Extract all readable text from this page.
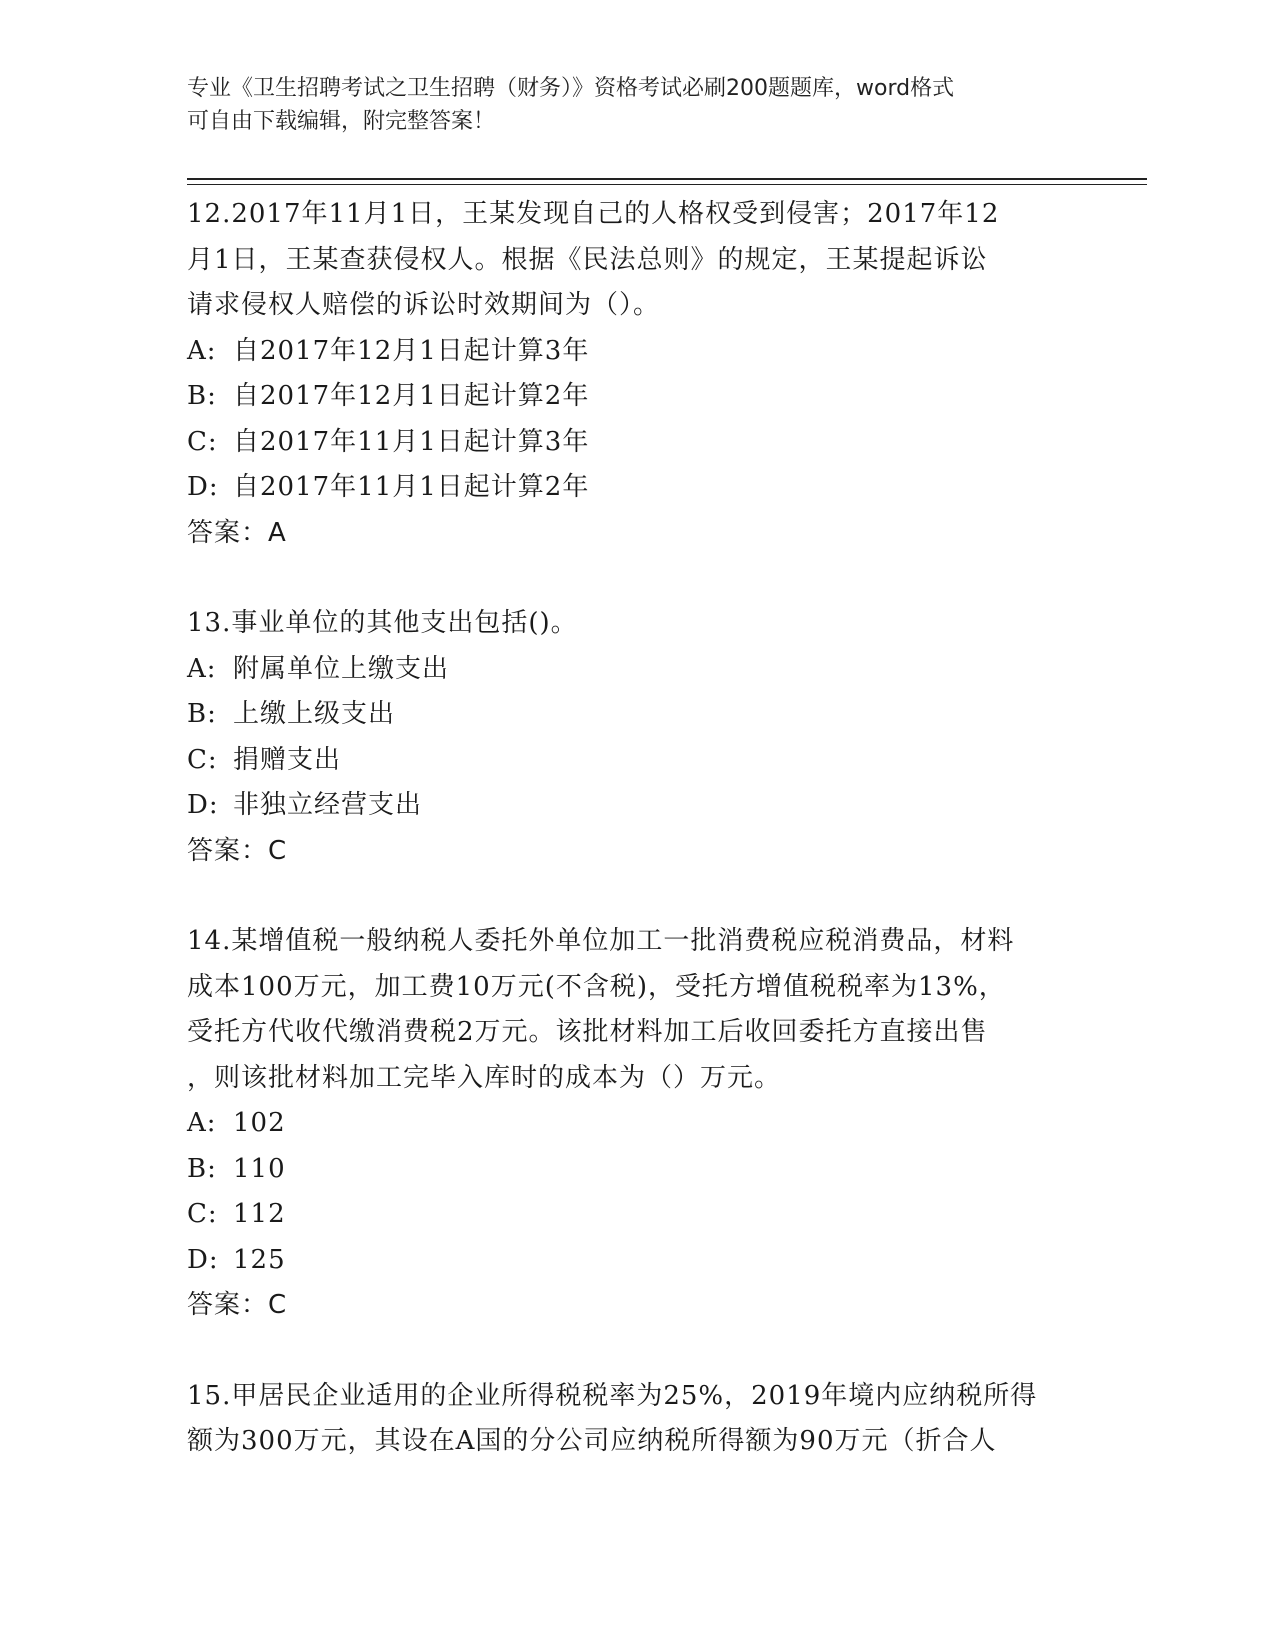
专业《卫生招聘考试之卫生招聘（财务）》资格考试必刷200题题库，word格式
可自由下载编辑，附完整答案！
12.2017年11月1日，王某发现自己的人格权受到侵害；2017年12
月1日，王某查获侵权人。根据《民法总则》的规定，王某提起诉讼
请求侵权人赔偿的诉讼时效期间为（）。
A: 自2017年12月1日起计算3年
B: 自2017年12月1日起计算2年
C: 自2017年11月1日起计算3年
D: 自2017年11月1日起计算2年
答案：A
13.事业单位的其他支出包括()。
A: 附属单位上缴支出
B: 上缴上级支出
C: 捐赠支出
D: 非独立经营支出
答案：C
14.某增值税一般纳税人委托外单位加工一批消费税应税消费品，材料
成本100万元，加工费10万元(不含税)，受托方增值税税率为13%，
受托方代收代缴消费税2万元。该批材料加工后收回委托方直接出售
，则该批材料加工完毕入库时的成本为（）万元。
A: 102
B: 110
C: 112
D: 125
答案：C
15.甲居民企业适用的企业所得税税率为25%，2019年境内应纳税所得
额为300万元，其设在A国的分公司应纳税所得额为90万元（折合人
